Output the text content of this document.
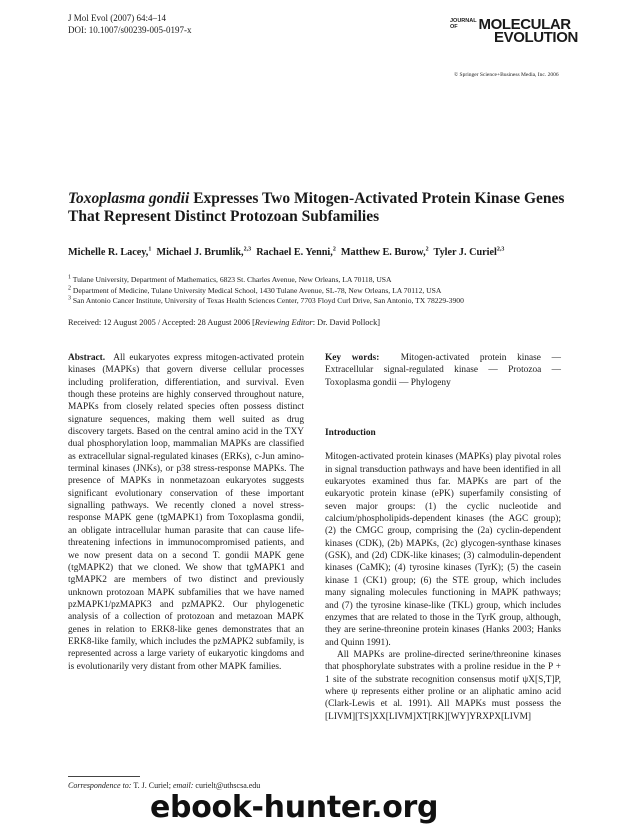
J Mol Evol (2007) 64:4–14
DOI: 10.1007/s00239-005-0197-x
JOURNAL OF	MOLECULAR
EVOLUTION
© Springer Science+Business Media, Inc. 2006
Toxoplasma gondii Expresses Two Mitogen-Activated Protein Kinase Genes That Represent Distinct Protozoan Subfamilies
Michelle R. Lacey,$^1$ Michael J. Brumlik,$^{2,3}$ Rachael E. Yenni,$^2$ Matthew E. Burow,$^2$ Tyler J. Curiel$^{2,3}$
$^1$ Tulane University, Department of Mathematics, 6823 St. Charles Avenue, New Orleans, LA 70118, USA
$^2$ Department of Medicine, Tulane University Medical School, 1430 Tulane Avenue, SL-78, New Orleans, LA 70112, USA
$^3$ San Antonio Cancer Institute, University of Texas Health Sciences Center, 7703 Floyd Curl Drive, San Antonio, TX 78229-3900
Received: 12 August 2005 / Accepted: 28 August 2006 [Reviewing Editor: Dr. David Pollock]
Abstract. All eukaryotes express mitogen-activated protein kinases (MAPKs) that govern diverse cellular processes including proliferation, differentiation, and survival. Even though these proteins are highly conserved throughout nature, MAPKs from closely related species often possess distinct signature sequences, making them well suited as drug discovery targets. Based on the central amino acid in the TXY dual phosphorylation loop, mammalian MAPKs are classified as extracellular signal-regulated kinases (ERKs), c-Jun amino-terminal kinases (JNKs), or p38 stress-response MAPKs. The presence of MAPKs in nonmetazoan eukaryotes suggests significant evolutionary conservation of these important signalling pathways. We recently cloned a novel stress-response MAPK gene (tgMAPK1) from Toxoplasma gondii, an obligate intracellular human parasite that can cause life-threatening infections in immunocompromised patients, and we now present data on a second T. gondii MAPK gene (tgMAPK2) that we cloned. We show that tgMAPK1 and tgMAPK2 are members of two distinct and previously unknown protozoan MAPK subfamilies that we have named pzMAPK1/pzMAPK3 and pzMAPK2. Our phylogenetic analysis of a collection of protozoan and metazoan MAPK genes in relation to ERK8-like genes demonstrates that an ERK8-like family, which includes the pzMAPK2 subfamily, is represented across a large variety of eukaryotic kingdoms and is evolutionarily very distant from other MAPK families.
Key words: Mitogen-activated protein kinase — Extracellular signal-regulated kinase — Protozoa — Toxoplasma gondii — Phylogeny
Introduction
Mitogen-activated protein kinases (MAPKs) play pivotal roles in signal transduction pathways and have been identified in all eukaryotes examined thus far. MAPKs are part of the eukaryotic protein kinase (ePK) superfamily consisting of seven major groups: (1) the cyclic nucleotide and calcium/phospholipids-dependent kinases (the AGC group); (2) the CMGC group, comprising the (2a) cyclin-dependent kinases (CDK), (2b) MAPKs, (2c) glycogen-synthase kinases (GSK), and (2d) CDK-like kinases; (3) calmodulin-dependent kinases (CaMK); (4) tyrosine kinases (TyrK); (5) the casein kinase 1 (CK1) group; (6) the STE group, which includes many signaling molecules functioning in MAPK pathways; and (7) the tyrosine kinase-like (TKL) group, which includes enzymes that are related to those in the TyrK group, although, they are serine-threonine protein kinases (Hanks 2003; Hanks and Quinn 1991).
All MAPKs are proline-directed serine/threonine kinases that phosphorylate substrates with a proline residue in the P + 1 site of the substrate recognition consensus motif ψX[S,T]P, where ψ represents either proline or an aliphatic amino acid (Clark-Lewis et al. 1991). All MAPKs must possess the [LIVM][TS]XX[LIVM]XT[RK][WY]YRXPX[LIVM]
Correspondence to: T. J. Curiel; email: curielt@uthscsa.edu
ebook-hunter.org
